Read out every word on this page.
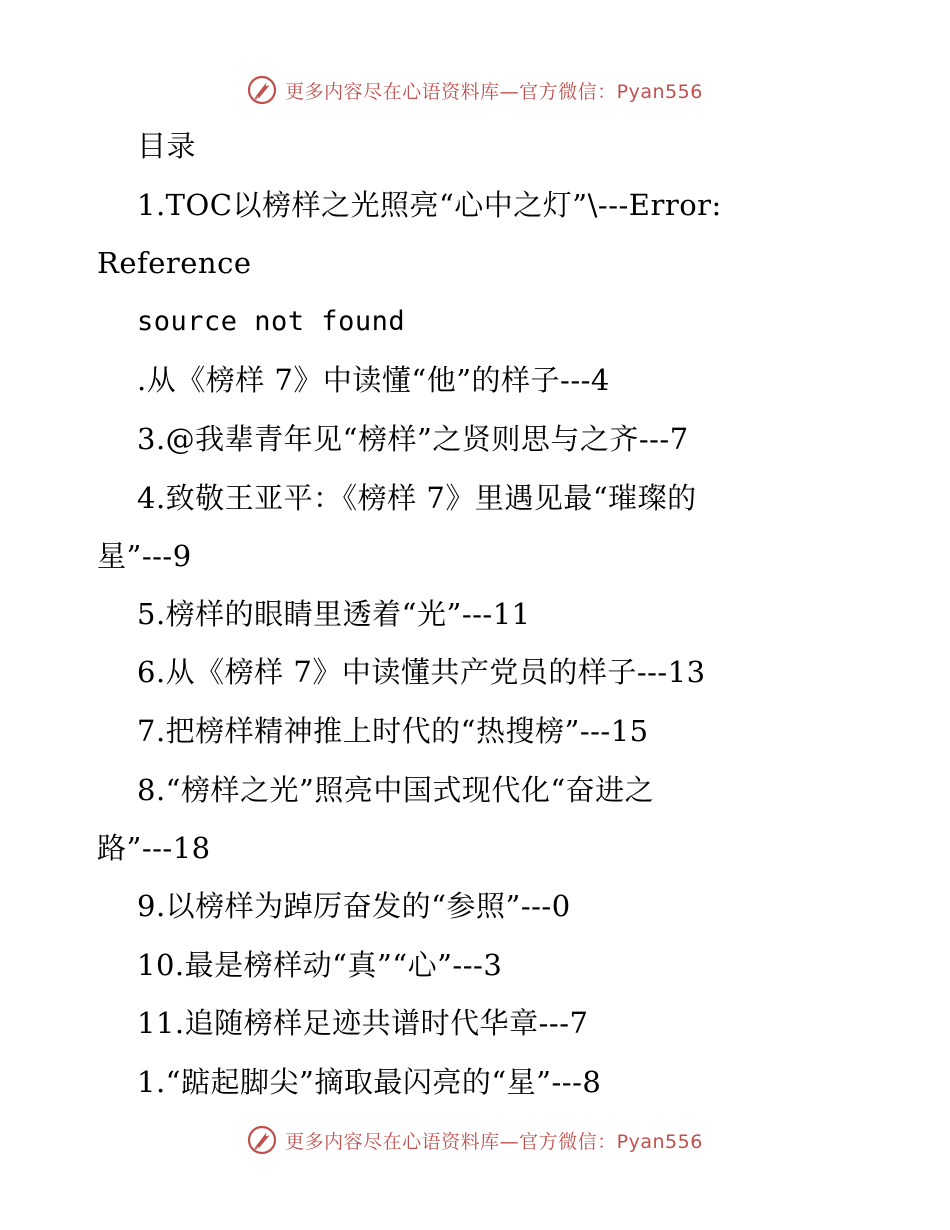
更多内容尽在心语资料库—官方微信：Pyan556
目录
1.TOC以榜样之光照亮“心中之灯”\---Error:
Reference
source not found
.从《榜样 7》中读懂“他”的样子---4
3.@我辈青年见“榜样”之贤则思与之齐---7
4.致敬王亚平：《榜样 7》里遇见最“璀璨的
星”---9
5.榜样的眼睛里透着“光”---11
6.从《榜样 7》中读懂共产党员的样子---13
7.把榜样精神推上时代的“热搜榜”---15
8.“榜样之光”照亮中国式现代化“奋进之
路”---18
9.以榜样为踔厉奋发的“参照”---0
10.最是榜样动“真”“心”---3
11.追随榜样足迹共谱时代华章---7
1.“踮起脚尖”摘取最闪亮的“星”---8
更多内容尽在心语资料库—官方微信：Pyan556
